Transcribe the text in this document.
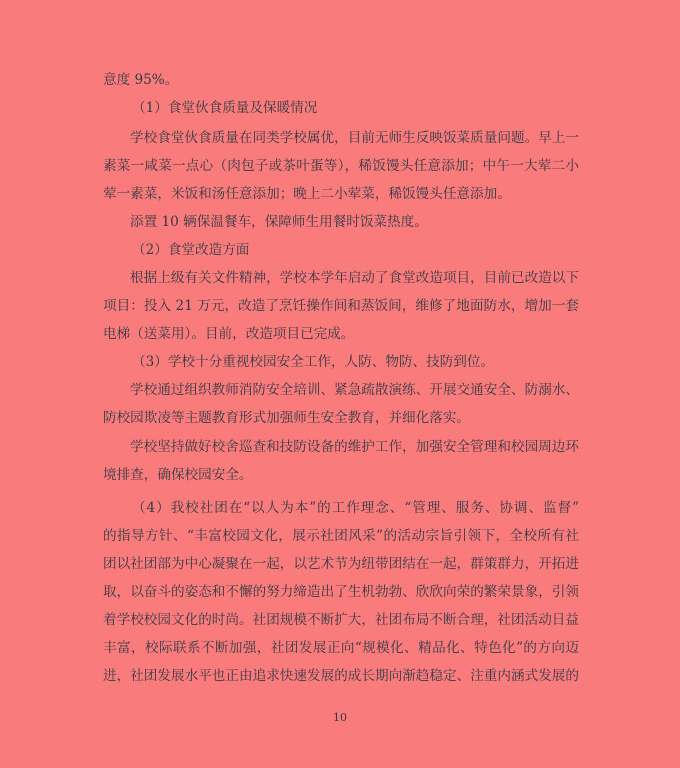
意度 95%。
（1）食堂伙食质量及保暖情况
学校食堂伙食质量在同类学校属优，目前无师生反映饭菜质量问题。早上一
素菜一咸菜一点心（肉包子或茶叶蛋等），稀饭馒头任意添加；中午一大荤二小
荤一素菜，米饭和汤任意添加；晚上二小荤菜，稀饭馒头任意添加。
添置 10 辆保温餐车，保障师生用餐时饭菜热度。
（2）食堂改造方面
根据上级有关文件精神，学校本学年启动了食堂改造项目，目前已改造以下
项目：投入 21 万元，改造了烹饪操作间和蒸饭间，维修了地面防水，增加一套
电梯（送菜用）。目前，改造项目已完成。
（3）学校十分重视校园安全工作，人防、物防、技防到位。
学校通过组织教师消防安全培训、紧急疏散演练、开展交通安全、防溺水、
防校园欺凌等主题教育形式加强师生安全教育，并细化落实。
学校坚持做好校舍巡查和技防设备的维护工作，加强安全管理和校园周边环
境排查，确保校园安全。
（4）我校社团在“以人为本”的工作理念、“管理、服务、协调、监督”
的指导方针、“丰富校园文化，展示社团风采”的活动宗旨引领下，全校所有社
团以社团部为中心凝聚在一起，以艺术节为纽带团结在一起，群策群力，开拓进
取，以奋斗的姿态和不懈的努力缔造出了生机勃勃、欣欣向荣的繁荣景象，引领
着学校校园文化的时尚。社团规模不断扩大，社团布局不断合理，社团活动日益
丰富，校际联系不断加强，社团发展正向“规模化、精品化、特色化”的方向迈
进，社团发展水平也正由追求快速发展的成长期向渐趋稳定、注重内涵式发展的
10
